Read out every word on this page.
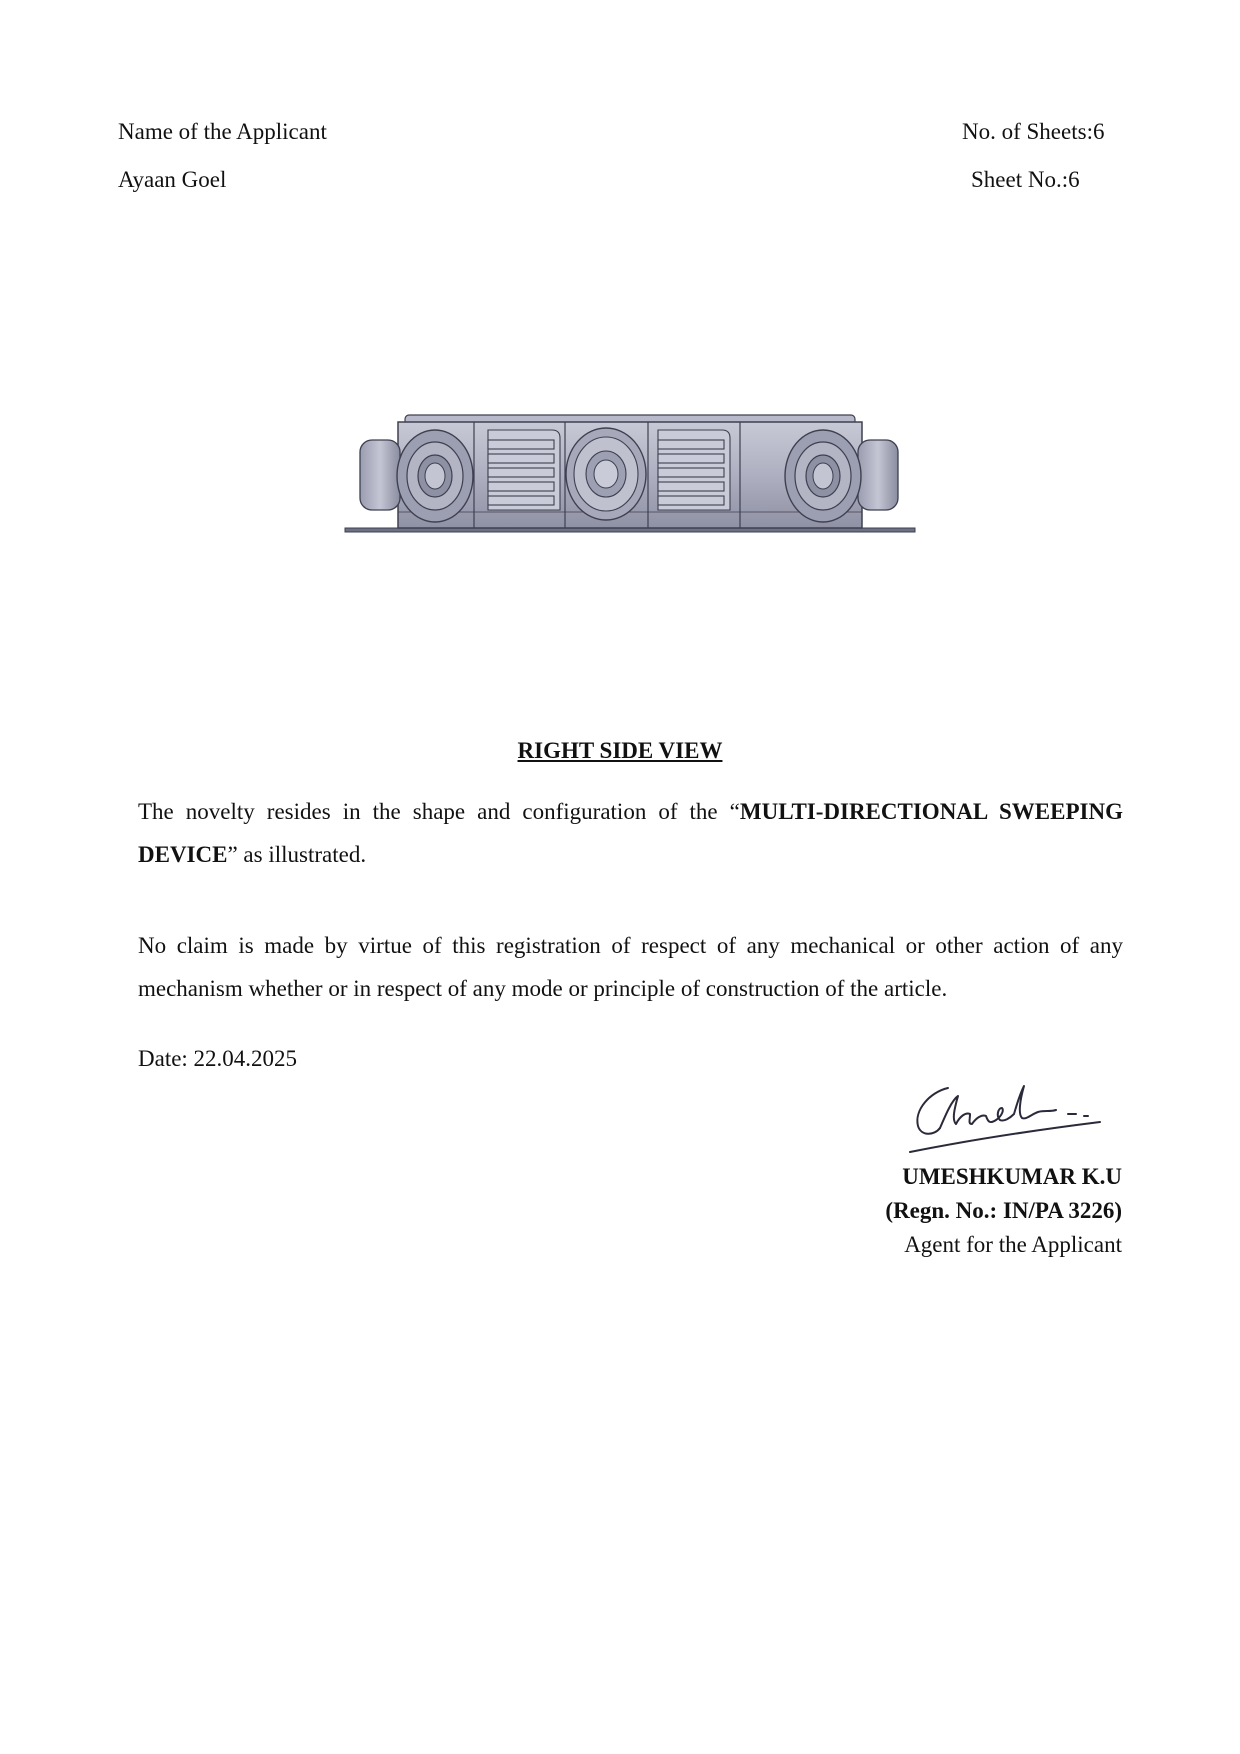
Name of the Applicant
Ayaan Goel
No. of Sheets:6
Sheet No.:6
RIGHT SIDE VIEW
The novelty resides in the shape and configuration of the “MULTI-DIRECTIONAL SWEEPING DEVICE” as illustrated.
No claim is made by virtue of this registration of respect of any mechanical or other action of any mechanism whether or in respect of any mode or principle of construction of the article.
Date: 22.04.2025
UMESHKUMAR K.U
(Regn. No.: IN/PA 3226)
Agent for the Applicant
